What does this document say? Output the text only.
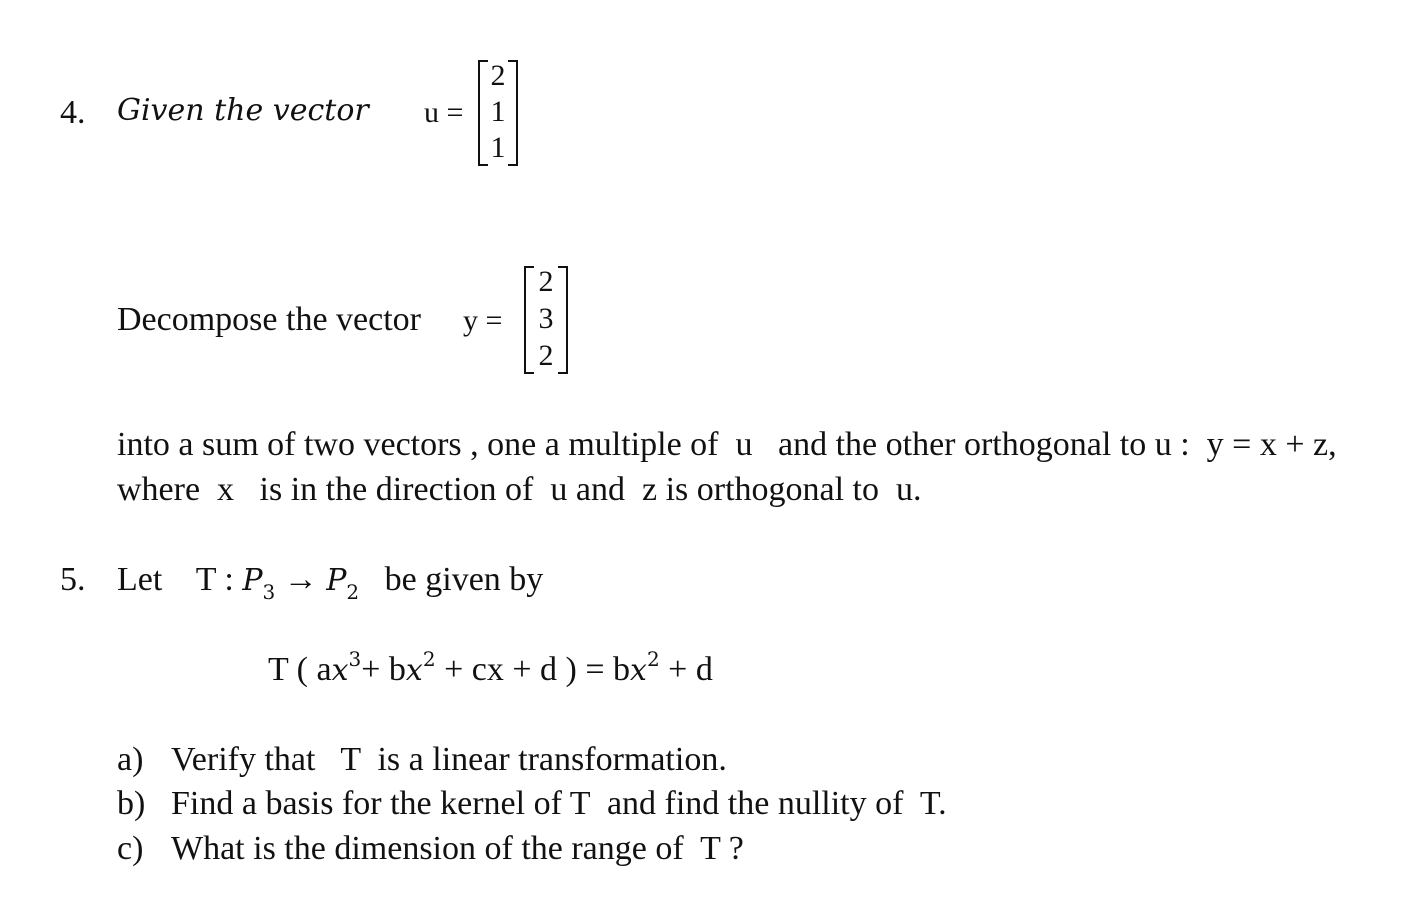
4. Given the vector u =
2
1
1
Decompose the vector y =
2
3
2
into a sum of two vectors , one a multiple of  u   and the other orthogonal to u :  y = x + z,
where  x   is in the direction of  u and  z is orthogonal to  u.
5. Let T : $P_3 \to P_2$ be given by
T ( $ax^3+ bx^2$ + cx + d ) = $bx^2 + d$
a) Verify that   T  is a linear transformation.
b) Find a basis for the kernel of T  and find the nullity of  T.
c) What is the dimension of the range of  T ?
